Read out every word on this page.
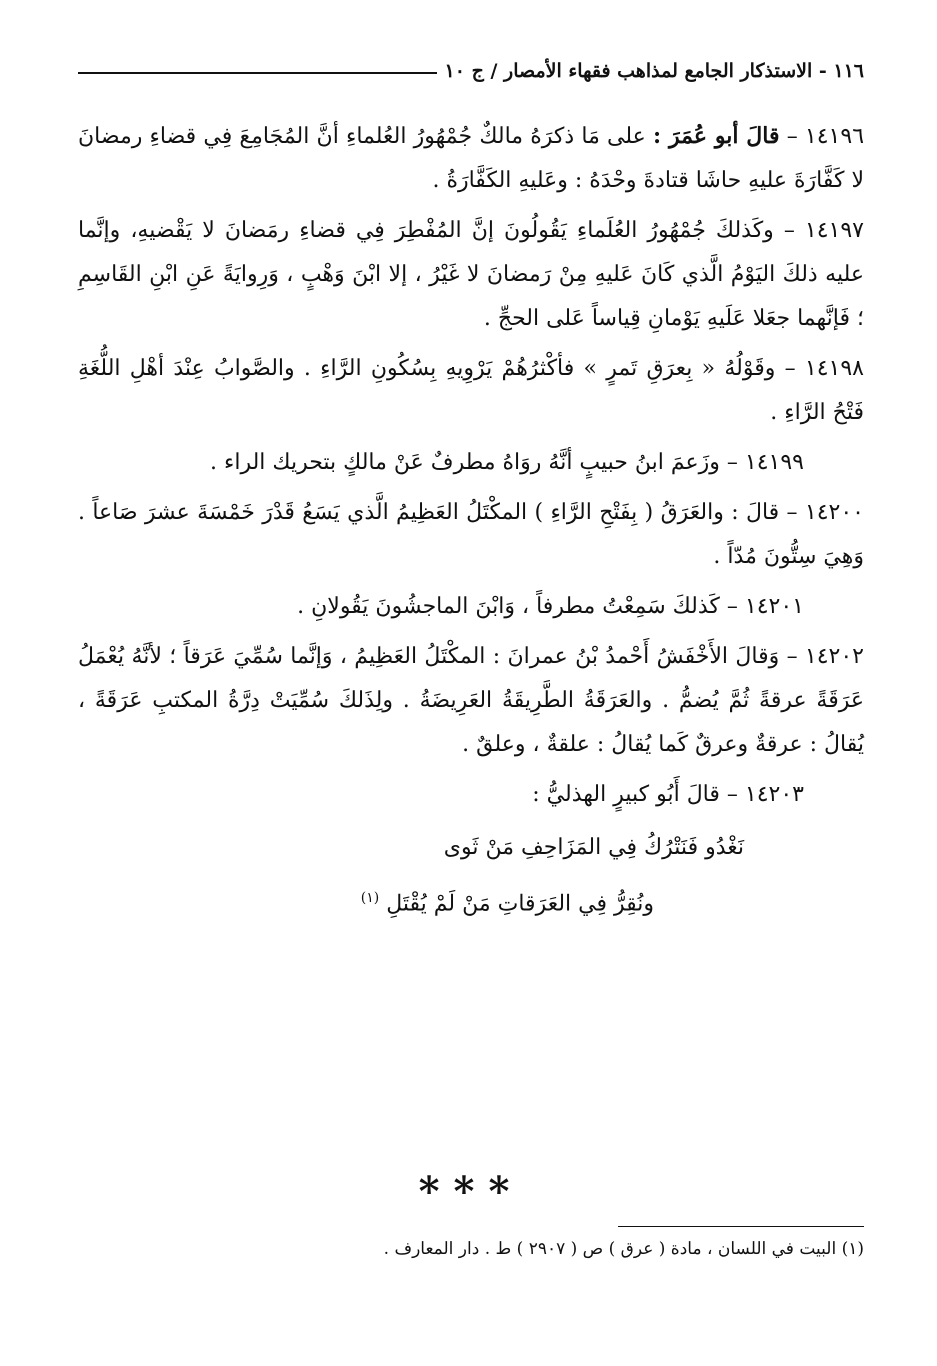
١١٦ - الاستذكار الجامع لمذاهب فقهاء الأمصار / ج ١٠

١٤١٩٦ – قالَ أبو عُمَرَ : على مَا ذكرَهُ مالكٌ جُمْهُورُ العُلماءِ أنَّ المُجَامِعَ فِي قضاءِ رمضانَ لا كَفَّارَةَ عليهِ حاشَا قتادةَ وحْدَهُ : وعَليهِ الكَفَّارَةُ .

١٤١٩٧ – وكَذلكَ جُمْهُورُ العُلَماءِ يَقُولُونَ إنَّ المُفْطِرَ فِي قضاءِ رمَضانَ لا يَقْضيهِ، وإنَّما عليه ذلكَ اليَوْمُ الَّذي كَانَ عَليهِ مِنْ رَمضانَ لا غَيْرُ ، إلا ابْنَ وَهْبٍ ، وَرِوايَةً عَنِ ابْنِ القَاسِمِ ؛ فَإنَّهما جعَلا عَلَيهِ يَوْمانِ قِياساً عَلى الحجِّ .

١٤١٩٨ – وقَوْلُهُ « بِعرَقِ تَمرٍ » فأكْثرُهُمْ يَرْوِيهِ بِسُكُونِ الرَّاءِ . والصَّوابُ عِنْدَ أهْلِ اللُّغَةِ فَتْحُ الرَّاءِ .

١٤١٩٩ – وزَعمَ ابنُ حبيبٍ أنَّهُ روَاهُ مطرفٌ عَنْ مالكٍ بتحريك الراء .

١٤٢٠٠ – قالَ : والعَرَقُ ( بِفَتْحِ الرَّاءِ ) المكْتَلُ العَظِيمُ الَّذي يَسَعُ قَدْرَ خَمْسَةَ عشرَ صَاعاً . وَهِيَ سِتُّونَ مُدّاً .

١٤٢٠١ – كَذلكَ سَمِعْتُ مطرفاً ، وَابْنَ الماجشُونَ يَقُولانِ .

١٤٢٠٢ – وَقالَ الأَخْفَشُ أَحْمدُ بْنُ عمرانَ : المكْتَلُ العَظِيمُ ، وَإنَّما سُمِّيَ عَرَقاً ؛ لأنَّهُ يُعْمَلُ عَرَقَةً عرقةً ثُمَّ يُضمُّ . والعَرَقَةُ الطَّرِيقَةُ العَرِيضَةُ . ولِذَلكَ سُمِّيَتْ دِرَّةُ المكتبِ عَرَقَةً ، يُقالُ : عرقةٌ وعرقٌ كَما يُقالُ : علقةٌ ، وعلقٌ .

١٤٢٠٣ – قالَ أَبُو كبيرٍ الهذليُّ :

نَغْدُو فَنَتْرُكُ فِي المَزَاحِفِ مَنْ ثَوى

ونُقِرُّ فِي العَرَقاتِ مَنْ لَمْ يُقْتَلِ $^{(١)}$

***
(١) البيت في اللسان ، مادة ( عرق ) ص ( ٢٩٠٧ ) ط . دار المعارف .
